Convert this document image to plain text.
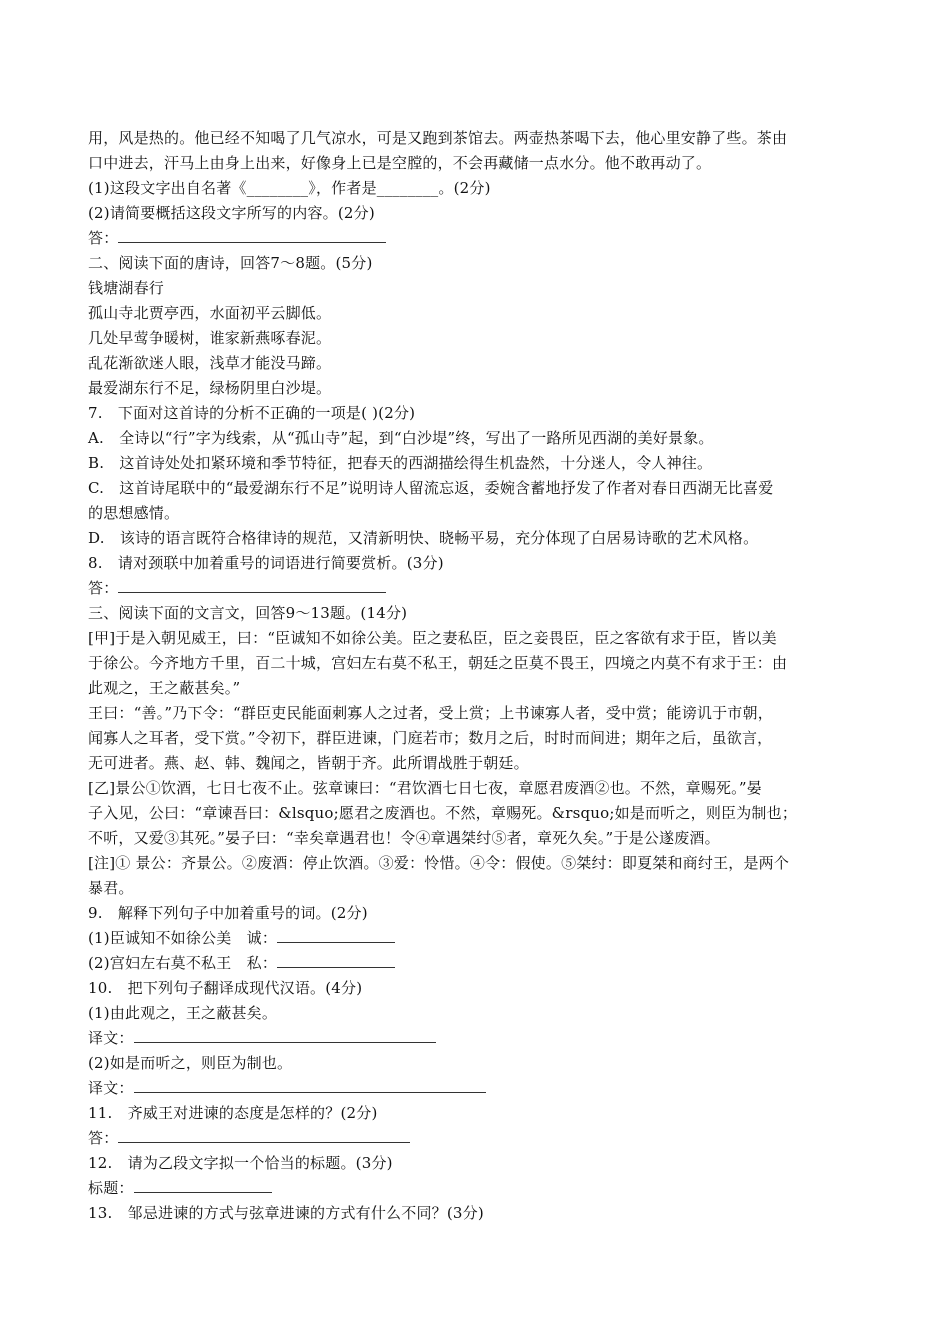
用，风是热的。他已经不知喝了几气凉水，可是又跑到茶馆去。两壶热茶喝下去，他心里安静了些。茶由
口中进去，汗马上由身上出来，好像身上已是空膛的，不会再藏储一点水分。他不敢再动了。
(1)这段文字出自名著《________》，作者是________。(2分)
(2)请简要概括这段文字所写的内容。(2分)
答：
二、阅读下面的唐诗，回答7～8题。(5分)
钱塘湖春行
孤山寺北贾亭西，水面初平云脚低。
几处早莺争暖树，谁家新燕啄春泥。
乱花渐欲迷人眼，浅草才能没马蹄。
最爱湖东行不足，绿杨阴里白沙堤。
7.　下面对这首诗的分析不正确的一项是( )(2分)
A.　全诗以“行”字为线索，从“孤山寺”起，到“白沙堤”终，写出了一路所见西湖的美好景象。
B.　这首诗处处扣紧环境和季节特征，把春天的西湖描绘得生机盎然，十分迷人，令人神往。
C.　这首诗尾联中的“最爱湖东行不足”说明诗人留流忘返，委婉含蓄地抒发了作者对春日西湖无比喜爱
的思想感情。
D.　该诗的语言既符合格律诗的规范，又清新明快、晓畅平易，充分体现了白居易诗歌的艺术风格。
8.　请对颈联中加着重号的词语进行简要赏析。(3分)
答：
三、阅读下面的文言文，回答9～13题。(14分)
[甲]于是入朝见威王，曰：“臣诚知不如徐公美。臣之妻私臣，臣之妾畏臣，臣之客欲有求于臣，皆以美
于徐公。今齐地方千里，百二十城，宫妇左右莫不私王，朝廷之臣莫不畏王，四境之内莫不有求于王：由
此观之，王之蔽甚矣。”
王曰：“善。”乃下令：“群臣吏民能面刺寡人之过者，受上赏；上书谏寡人者，受中赏；能谤讥于市朝，
闻寡人之耳者，受下赏。”令初下，群臣进谏，门庭若市；数月之后，时时而间进；期年之后，虽欲言，
无可进者。燕、赵、韩、魏闻之，皆朝于齐。此所谓战胜于朝廷。
[乙]景公①饮酒，七日七夜不止。弦章谏曰：“君饮酒七日七夜，章愿君废酒②也。不然，章赐死。”晏
子入见，公曰：“章谏吾曰：&lsquo;愿君之废酒也。不然，章赐死。&rsquo;如是而听之，则臣为制也；
不听，又爱③其死。”晏子曰：“幸矣章遇君也！令④章遇桀纣⑤者，章死久矣。”于是公遂废酒。
[注]① 景公：齐景公。②废酒：停止饮酒。③爱：怜惜。④令：假使。⑤桀纣：即夏桀和商纣王，是两个
暴君。
9.　解释下列句子中加着重号的词。(2分)
(1)臣诚知不如徐公美　诚：
(2)宫妇左右莫不私王　私：
10.　把下列句子翻译成现代汉语。(4分)
(1)由此观之，王之蔽甚矣。
译文：
(2)如是而听之，则臣为制也。
译文：
11.　齐威王对进谏的态度是怎样的？(2分)
答：
12.　请为乙段文字拟一个恰当的标题。(3分)
标题：
13.　邹忌进谏的方式与弦章进谏的方式有什么不同？(3分)
